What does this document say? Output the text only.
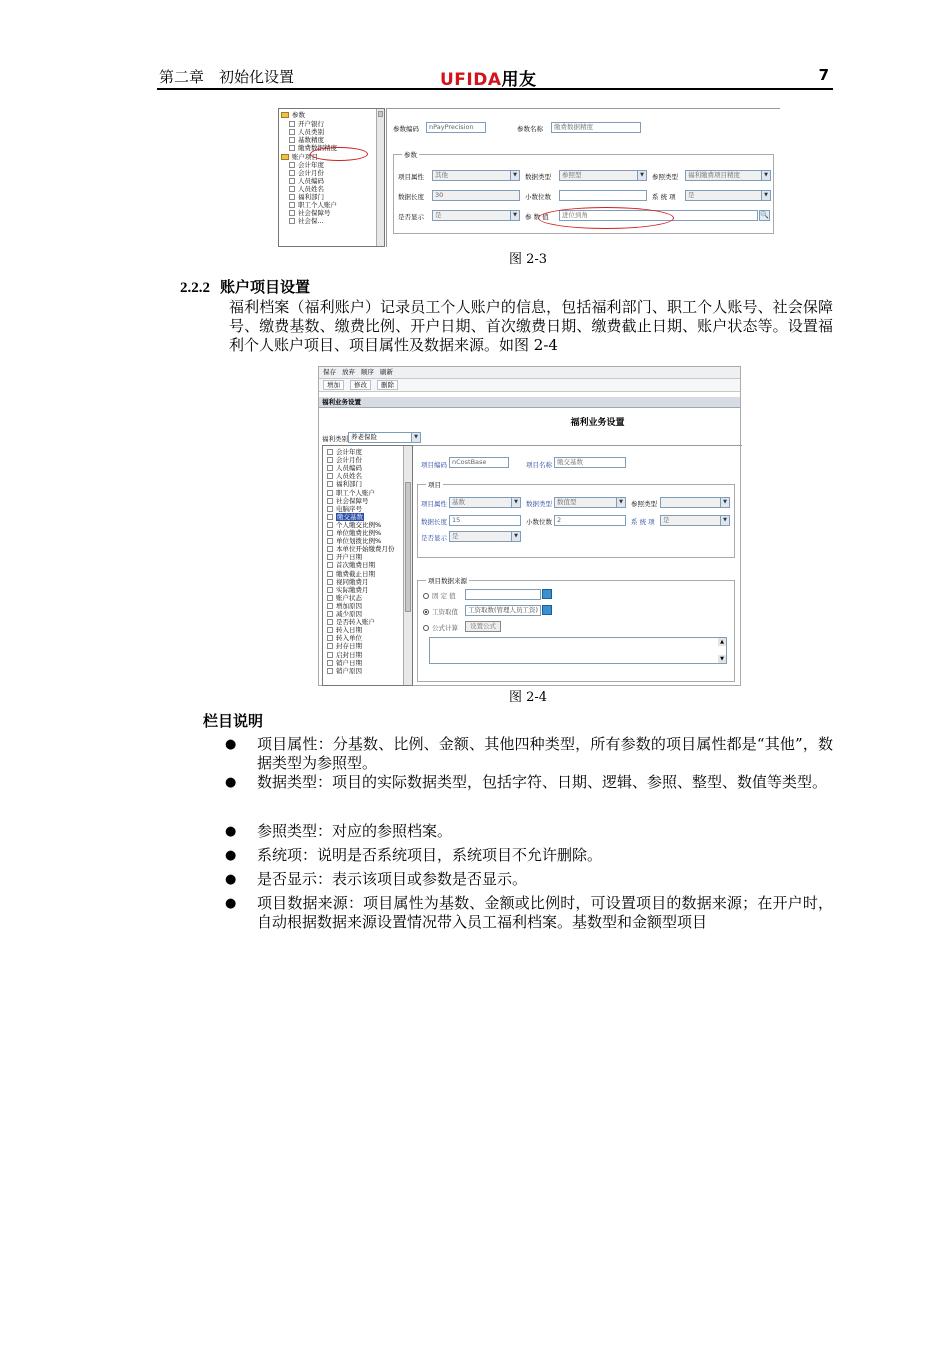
第二章　初始化设置	UFIDA用友	7
参数
开户银行
人员类别
基数精度
缴费数据精度
账户项目
会计年度
会计月份
人员编码
人员姓名
福利部门
职工个人账户
社会保障号
社会保...
参数编码	nPayPrecision	参数名称	缴费数据精度
参数
项目属性	其他	▼	数据类型	参照型	▼	参照类型	福利缴费项目精度	▼
数据长度	30	小数位数	系 统 项	是	▼
是否显示	是	▼	参 数 值	进位到角	🔍
图 2-3
2.2.2 账户项目设置
福利档案（福利账户）记录员工个人账户的信息，包括福利部门、职工个人账号、社会保障号、缴费基数、缴费比例、开户日期、首次缴费日期、缴费截止日期、账户状态等。设置福利个人账户项目、项目属性及数据来源。如图 2-4
保存 放弃 顺序 刷新
增加 修改 删除
福利业务设置
福利业务设置
福利类别 养老保险	▼
会计年度
会计月份
人员编码
人员姓名
福利部门
职工个人账户
社会保障号
电脑序号
缴交基数
个人缴交比例%
单位缴费比例%
单位划拨比例%
本单位开始缴费月份
开户日期
首次缴费日期
缴费截止日期
视同缴费月
实际缴费月
账户状态
增加原因
减少原因
是否转入账户
转入日期
转入单位
封存日期
启封日期
销户日期
销户原因
项目编码 nCostBase	项目名称 缴交基数
项目
项目属性 基数	▼	数据类型 数值型	▼	参照类型	▼
数据长度 15	小数位数 2	系 统 项	是	▼
是否显示 是	▼
项目数据来源
固 定 值
工资取值	工资取数(管理人员工资)
公式计算	设置公式
▲
▼
图 2-4
栏目说明
● 项目属性：分基数、比例、金额、其他四种类型，所有参数的项目属性都是“其他”，数据类型为参照型。
● 数据类型：项目的实际数据类型，包括字符、日期、逻辑、参照、整型、数值等类型。
● 参照类型：对应的参照档案。
● 系统项：说明是否系统项目，系统项目不允许删除。
● 是否显示：表示该项目或参数是否显示。
● 项目数据来源：项目属性为基数、金额或比例时，可设置项目的数据来源；在开户时，自动根据数据来源设置情况带入员工福利档案。基数型和金额型项目
